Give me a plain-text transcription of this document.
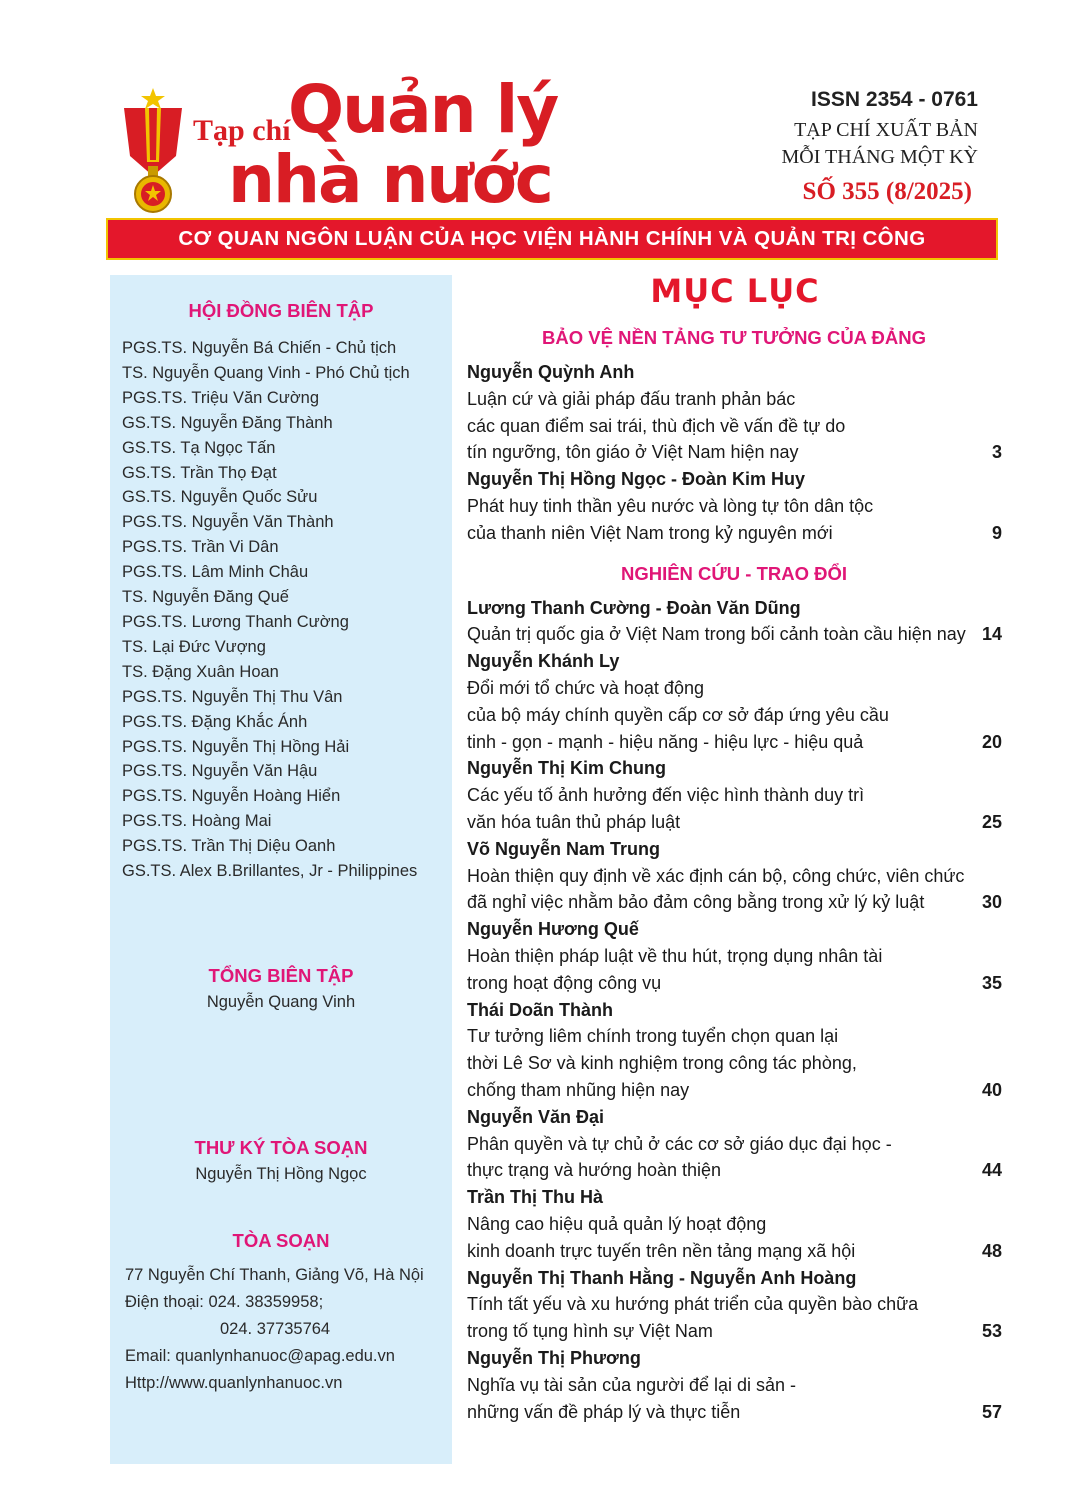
Tạp chí
Quản lý
nhà nước
ISSN 2354 - 0761
TẠP CHÍ XUẤT BẢN
MỖI THÁNG MỘT KỲ
SỐ 355 (8/2025)
CƠ QUAN NGÔN LUẬN CỦA HỌC VIỆN HÀNH CHÍNH VÀ QUẢN TRỊ CÔNG
HỘI ĐỒNG BIÊN TẬP
PGS.TS. Nguyễn Bá Chiến - Chủ tịch
TS. Nguyễn Quang Vinh - Phó Chủ tịch
PGS.TS. Triệu Văn Cường
GS.TS. Nguyễn Đăng Thành
GS.TS. Tạ Ngọc Tấn
GS.TS. Trần Thọ Đạt
GS.TS. Nguyễn Quốc Sửu
PGS.TS. Nguyễn Văn Thành
PGS.TS. Trần Vi Dân
PGS.TS. Lâm Minh Châu
TS. Nguyễn Đăng Quế
PGS.TS. Lương Thanh Cường
TS. Lại Đức Vượng
TS. Đặng Xuân Hoan
PGS.TS. Nguyễn Thị Thu Vân
PGS.TS. Đặng Khắc Ánh
PGS.TS. Nguyễn Thị Hồng Hải
PGS.TS. Nguyễn Văn Hậu
PGS.TS. Nguyễn Hoàng Hiển
PGS.TS. Hoàng Mai
PGS.TS. Trần Thị Diệu Oanh
GS.TS. Alex B.Brillantes, Jr - Philippines
TỔNG BIÊN TẬP
Nguyễn Quang Vinh
THƯ KÝ TÒA SOẠN
Nguyễn Thị Hồng Ngọc
TÒA SOẠN
77 Nguyễn Chí Thanh, Giảng Võ, Hà Nội
Điện thoại: 024. 38359958;
024. 37735764
Email: quanlynhanuoc@apag.edu.vn
Http://www.quanlynhanuoc.vn
MỤC LỤC
BẢO VỆ NỀN TẢNG TƯ TƯỞNG CỦA ĐẢNG
Nguyễn Quỳnh Anh
Luận cứ và giải pháp đấu tranh phản bác
các quan điểm sai trái, thù địch về vấn đề tự do
tín ngưỡng, tôn giáo ở Việt Nam hiện nay	3
Nguyễn Thị Hồng Ngọc - Đoàn Kim Huy
Phát huy tinh thần yêu nước và lòng tự tôn dân tộc
của thanh niên Việt Nam trong kỷ nguyên mới	9
NGHIÊN CỨU - TRAO ĐỔI
Lương Thanh Cường - Đoàn Văn Dũng
Quản trị quốc gia ở Việt Nam trong bối cảnh toàn cầu hiện nay 14
Nguyễn Khánh Ly
Đổi mới tổ chức và hoạt động
của bộ máy chính quyền cấp cơ sở đáp ứng yêu cầu
tinh - gọn - mạnh - hiệu năng - hiệu lực - hiệu quả	20
Nguyễn Thị Kim Chung
Các yếu tố ảnh hưởng đến việc hình thành duy trì
văn hóa tuân thủ pháp luật	25
Võ Nguyễn Nam Trung
Hoàn thiện quy định về xác định cán bộ, công chức, viên chức
đã nghỉ việc nhằm bảo đảm công bằng trong xử lý kỷ luật	30
Nguyễn Hương Quế
Hoàn thiện pháp luật về thu hút, trọng dụng nhân tài
trong hoạt động công vụ	35
Thái Doãn Thành
Tư tưởng liêm chính trong tuyển chọn quan lại
thời Lê Sơ và kinh nghiệm trong công tác phòng,
chống tham nhũng hiện nay	40
Nguyễn Văn Đại
Phân quyền và tự chủ ở các cơ sở giáo dục đại học -
thực trạng và hướng hoàn thiện	44
Trần Thị Thu Hà
Nâng cao hiệu quả quản lý hoạt động
kinh doanh trực tuyến trên nền tảng mạng xã hội	48
Nguyễn Thị Thanh Hằng - Nguyễn Anh Hoàng
Tính tất yếu và xu hướng phát triển của quyền bào chữa
trong tố tụng hình sự Việt Nam	53
Nguyễn Thị Phương
Nghĩa vụ tài sản của người để lại di sản -
những vấn đề pháp lý và thực tiễn	57
